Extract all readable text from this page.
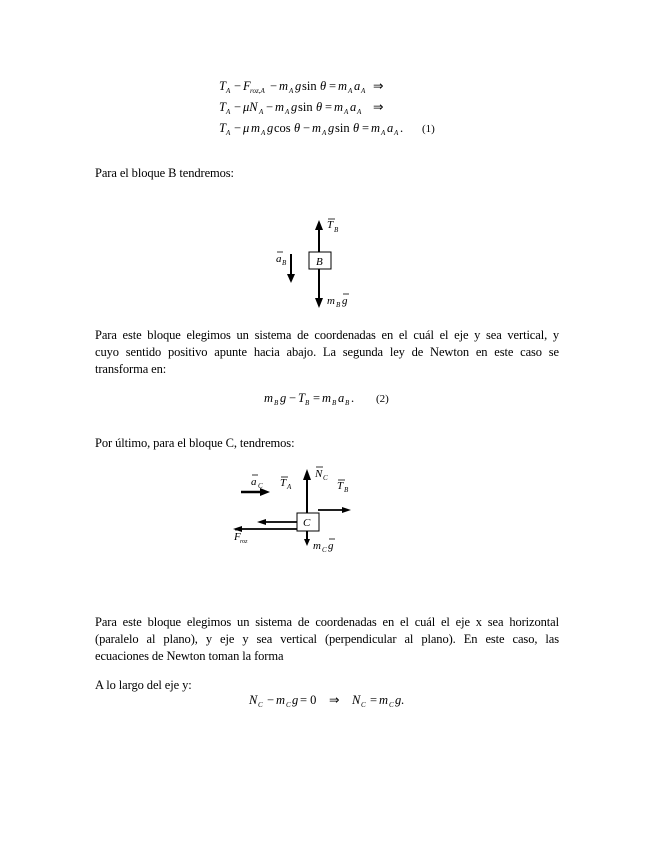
T A − F roz,A − m A g sin θ = m A a A ⇒
T A − μN A − m A g sin θ = m A a A ⇒
T A − μ m A g cos θ − m A g sin θ = m A a A . (1)
T B
B
m B g
a B
m B g − T B = m B a B . (2)
a C T A
N C
T B
C
F roz	m C g
N C − m C g = 0 ⇒ N C = m C g .
Para el bloque B tendremos:
Para este bloque elegimos un sistema de coordenadas en el cuál el eje y sea vertical, y
cuyo sentido positivo apunte hacia abajo. La segunda ley de Newton en este caso se
transforma en:
Por último, para el bloque C, tendremos:
Para este bloque elegimos un sistema de coordenadas en el cuál el eje x sea horizontal
(paralelo al plano), y eje y sea vertical (perpendicular al plano). En este caso, las
ecuaciones de Newton toman la forma
A lo largo del eje y:
